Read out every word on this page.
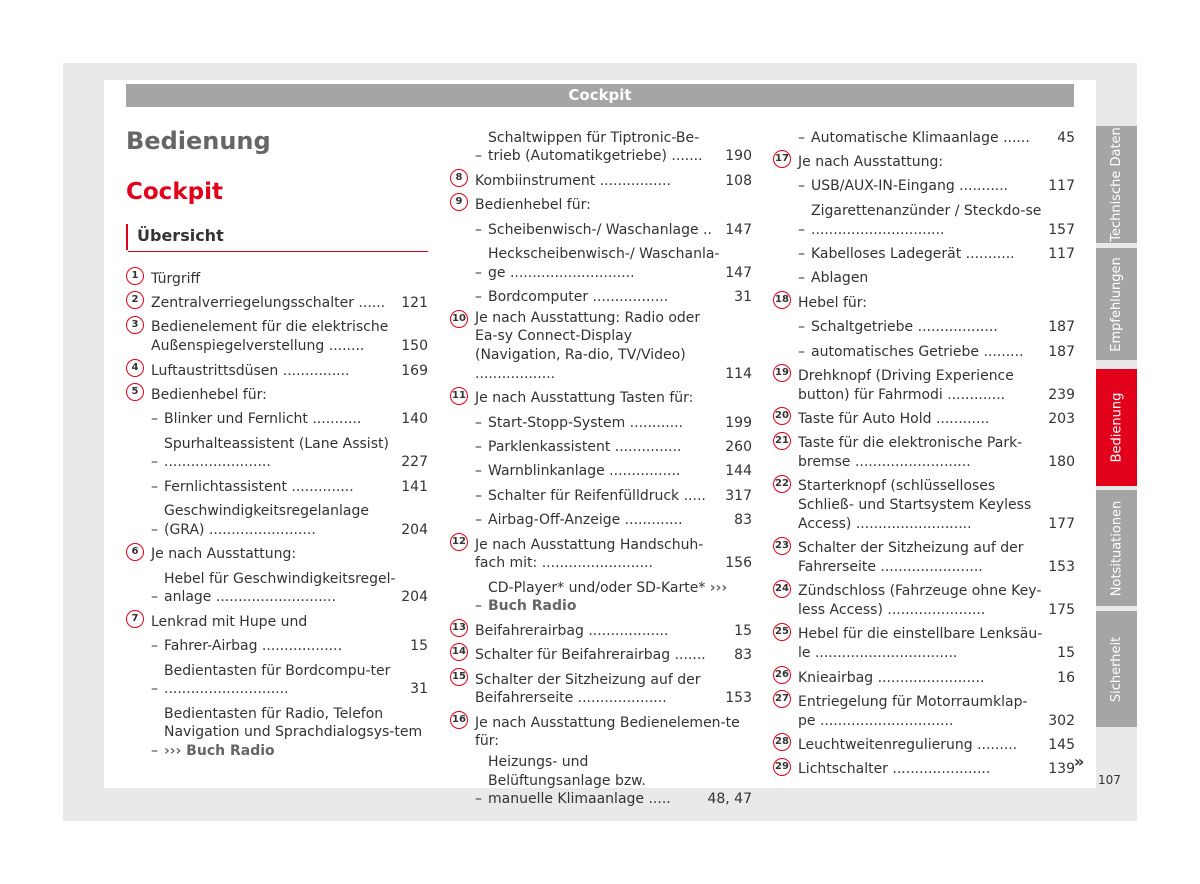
Cockpit
Bedienung
Cockpit
Übersicht
1 Türgriff
2 Zentralverriegelungsschalter ......	121
3 Bedienelement für die elektrische Außenspiegelverstellung ........	150
4 Luftaustrittsdüsen ...............	169
5 Bedienhebel für:
– Blinker und Fernlicht ...........	140
–
Spurhalteassistent (Lane Assist) ........................	227
– Fernlichtassistent ..............	141
–
Geschwindigkeitsregelanlage (GRA) ........................	204
6 Je nach Ausstattung:
–
Hebel für Geschwindigkeitsregel-anlage ...........................	204
7 Lenkrad mit Hupe und
– Fahrer-Airbag ..................	15
–
Bedientasten für Bordcompu-ter ............................	31
–
Bedientasten für Radio, Telefon Navigation und Sprachdialogsys-tem ››› Buch Radio
–
Schaltwippen für Tiptronic-Be-trieb (Automatikgetriebe) .......	190
8 Kombiinstrument ................	108
9 Bedienhebel für:
– Scheibenwisch-/ Waschanlage .. 147
–
Heckscheibenwisch-/ Waschanla-ge ............................	147
– Bordcomputer .................	31
10 Je nach Ausstattung: Radio oder Ea-sy Connect-Display (Navigation, Ra-dio, TV/Video) ..................	114
11 Je nach Ausstattung Tasten für:
– Start-Stopp-System ............	199
– Parklenkassistent ...............	260
– Warnblinkanlage ................	144
– Schalter für Reifenfülldruck .....	317
– Airbag-Off-Anzeige .............	83
12 Je nach Ausstattung Handschuh-fach mit: .........................	156
–
CD-Player* und/oder SD-Karte* ››› Buch Radio
13 Beifahrerairbag ..................	15
14 Schalter für Beifahrerairbag .......	83
15 Schalter der Sitzheizung auf der Beifahrerseite ....................	153
16 Je nach Ausstattung Bedienelemen-te für:
–
Heizungs- und Belüftungsanlage bzw. manuelle Klimaanlage .....	48, 47
– Automatische Klimaanlage ......	45
17 Je nach Ausstattung:
– USB/AUX-IN-Eingang ...........	117
–
Zigarettenanzünder / Steckdo-se ..............................	157
– Kabelloses Ladegerät ...........	117
– Ablagen
18 Hebel für:
– Schaltgetriebe ..................	187
– automatisches Getriebe .........	187
19 Drehknopf (Driving Experience button) für Fahrmodi .............	239
20 Taste für Auto Hold ............	203
21 Taste für die elektronische Park-bremse ..........................	180
22 Starterknopf (schlüsselloses Schließ- und Startsystem Keyless Access) ..........................	177
23 Schalter der Sitzheizung auf der Fahrerseite .......................	153
24 Zündschloss (Fahrzeuge ohne Key-less Access) ......................	175
25 Hebel für die einstellbare Lenksäu-le ................................	15
26 Knieairbag ........................	16
27 Entriegelung für Motorraumklap-pe ..............................	302
28 Leuchtweitenregulierung .........	145
29 Lichtschalter ......................	139
Technische Daten
Empfehlungen
Bedienung
Notsituationen
Sicherheit
»
107
